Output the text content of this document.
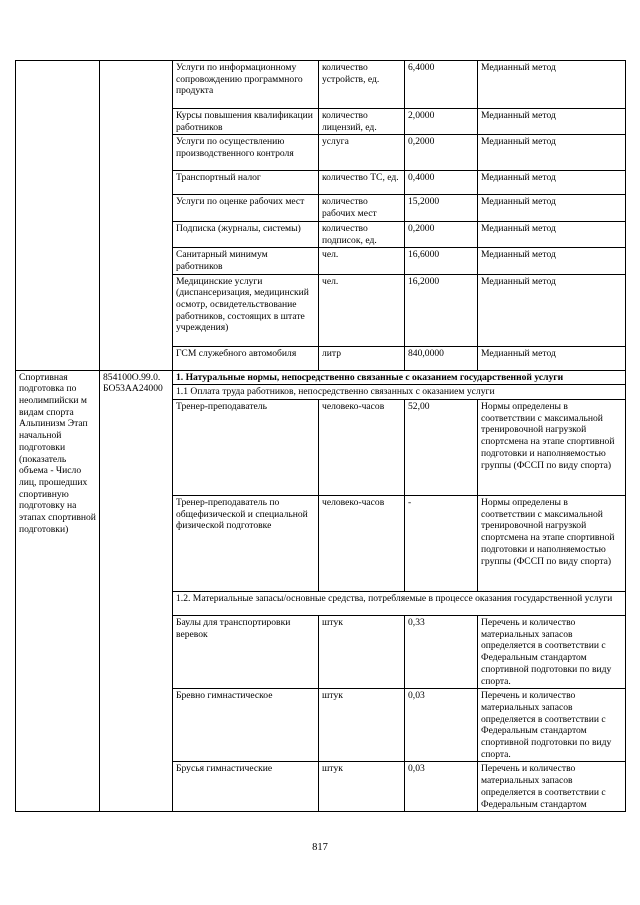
		Услуги по информационному сопровождению программного продукта	количество устройств, ед.	6,4000	Медианный метод
		Курсы повышения квалификации работников	количество лицензий, ед.	2,0000	Медианный метод
		Услуги по осуществлению производственного контроля	услуга	0,2000	Медианный метод
		Транспортный налог	количество ТС, ед.	0,4000	Медианный метод
		Услуги по оценке рабочих мест	количество рабочих мест	15,2000	Медианный метод
		Подписка (журналы, системы)	количество подписок, ед.	0,2000	Медианный метод
		Санитарный минимум работников	чел.	16,6000	Медианный метод
		Медицинские услуги (диспансеризация, медицинский осмотр, освидетельствование работников, состоящих в штате учреждения)	чел.	16,2000	Медианный метод
		ГСМ служебного автомобиля	литр	840,0000	Медианный метод
Спортивная подготовка по неолимпийски м видам спорта Альпинизм Этап начальной подготовки (показатель объема - Число лиц, прошедших спортивную подготовку на этапах спортивной подготовки)	854100О.99.0. БО53АА24000	1. Натуральные нормы, непосредственно связанные с оказанием государственной услуги			
		1.1 Оплата труда работников, непосредственно связанных с оказанием услуги			
		Тренер-преподаватель	человеко-часов	52,00	Нормы определены в соответствии с максимальной тренировочной нагрузкой спортсмена на этапе спортивной подготовки и наполняемостью группы (ФССП по виду спорта)
		Тренер-преподаватель по общефизической и специальной физической подготовке	человеко-часов	-	Нормы определены в соответствии с максимальной тренировочной нагрузкой спортсмена на этапе спортивной подготовки и наполняемостью группы (ФССП по виду спорта)
		1.2. Материальные запасы/основные средства, потребляемые в процессе оказания государственной услуги			
		Баулы для транспортировки веревок	штук	0,33	Перечень и количество материальных запасов определяется в соответствии с Федеральным стандартом спортивной подготовки по виду спорта.
		Бревно гимнастическое	штук	0,03	Перечень и количество материальных запасов определяется в соответствии с Федеральным стандартом спортивной подготовки по виду спорта.
		Брусья гимнастические	штук	0,03	Перечень и количество материальных запасов определяется в соответствии с Федеральным стандартом
817
